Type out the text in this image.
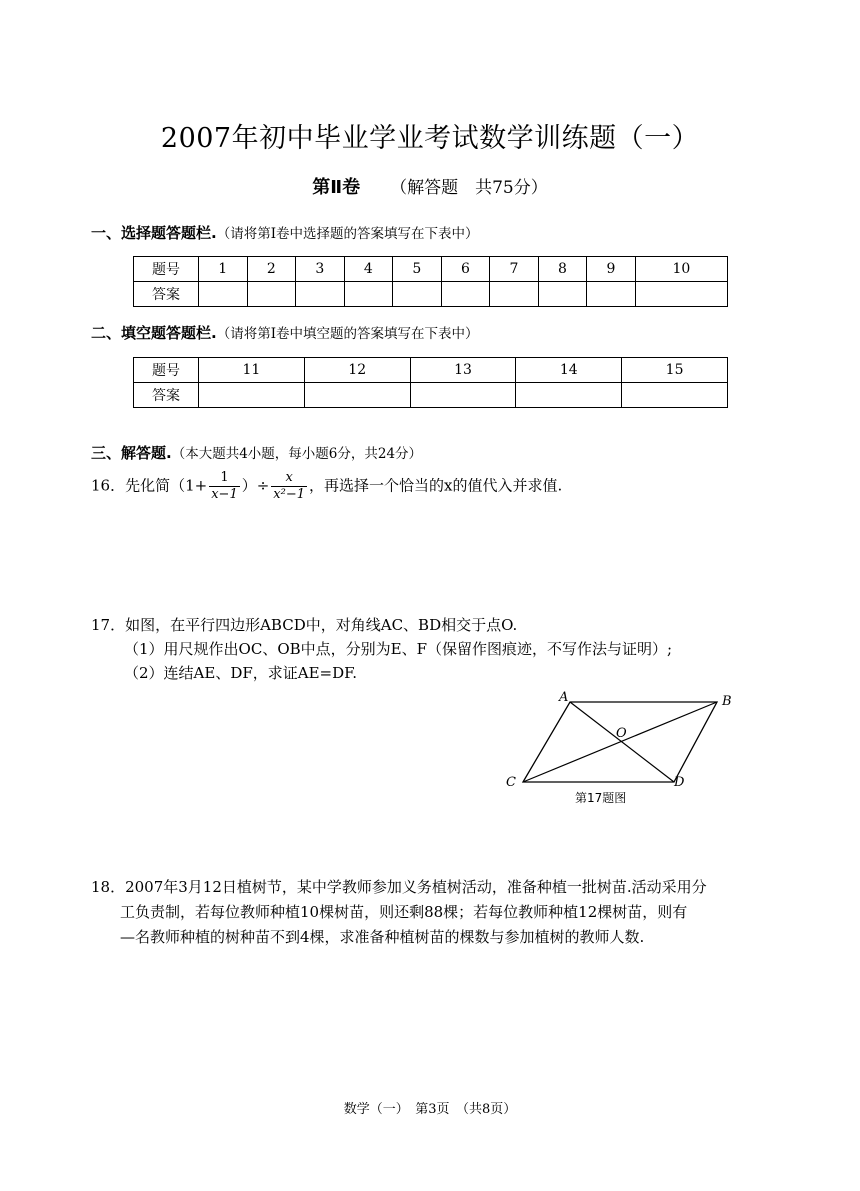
2007年初中毕业学业考试数学训练题（一）
第Ⅱ卷 （解答题　共75分）
一、选择题答题栏.（请将第Ⅰ卷中选择题的答案填写在下表中）
题号	1	2	3	4	5	6	7	8	9	10
答案										
二、填空题答题栏.（请将第Ⅰ卷中填空题的答案填写在下表中）
题号	11	12	13	14	15
答案					
三、解答题.（本大题共4小题，每小题6分，共24分）
16．先化简（$1+ \frac{1}{x-1}$ ）÷ $\frac{x}{\text{x²−1}}$ ，再选择一个恰当的x的值代入并求值.
17．如图，在平行四边形ABCD中，对角线AC、BD相交于点O.
（1）用尺规作出OC、OB中点，分别为E、F（保留作图痕迹，不写作法与证明）;
（2）连结AE、DF，求证AE=DF.
A	B
C	D
O
第17题图
18．2007年3月12日植树节，某中学教师参加义务植树活动，准备种植一批树苗.活动采用分
工负责制，若每位教师种植10棵树苗，则还剩88棵；若每位教师种植12棵树苗，则有
—名教师种植的树种苗不到4棵，求准备种植树苗的棵数与参加植树的教师人数.
数学（一）　第3页　（共8页）
